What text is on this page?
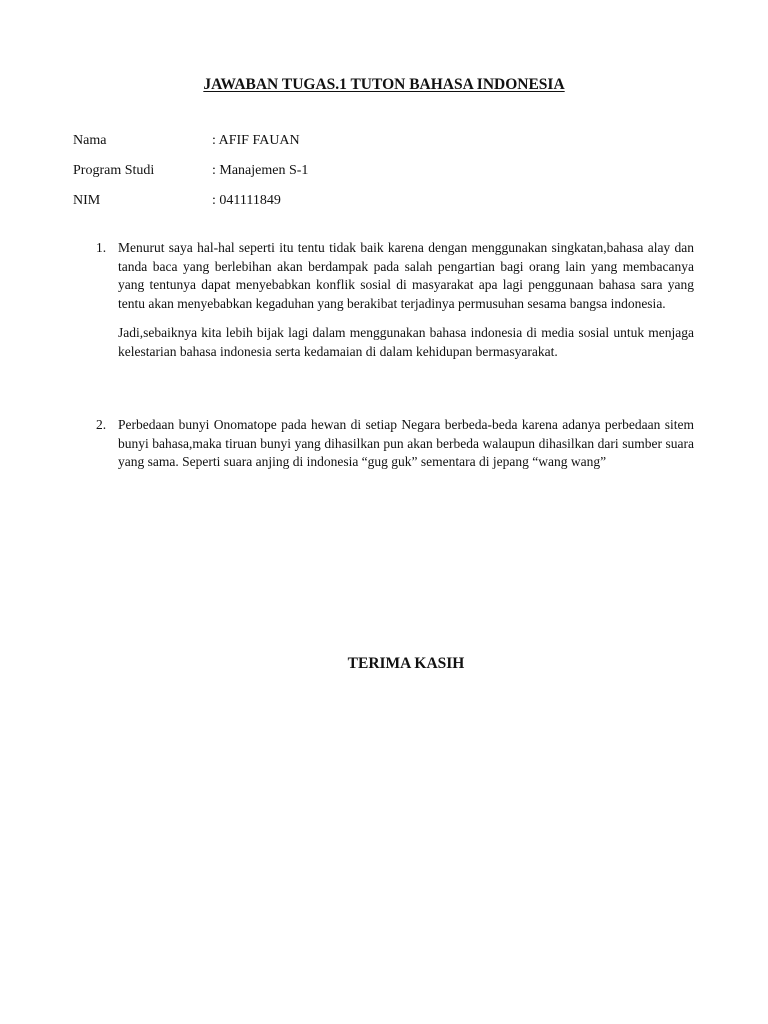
JAWABAN TUGAS.1 TUTON BAHASA INDONESIA
Nama	: AFIF FAUAN
Program Studi	: Manajemen S-1
NIM	: 041111849
1. Menurut saya hal-hal seperti itu tentu tidak baik karena dengan menggunakan singkatan,bahasa alay dan tanda baca yang berlebihan akan berdampak pada salah pengartian bagi orang lain yang membacanya yang tentunya dapat menyebabkan konflik sosial di masyarakat apa lagi penggunaan bahasa sara yang tentu akan menyebabkan kegaduhan yang berakibat terjadinya permusuhan sesama bangsa indonesia.

Jadi,sebaiknya kita lebih bijak lagi dalam menggunakan bahasa indonesia di media sosial untuk menjaga kelestarian bahasa indonesia serta kedamaian di dalam kehidupan bermasyarakat.

2. Perbedaan bunyi Onomatope pada hewan di setiap Negara berbeda-beda karena adanya perbedaan sitem bunyi bahasa,maka tiruan bunyi yang dihasilkan pun akan berbeda walaupun dihasilkan dari sumber suara yang sama. Seperti suara anjing di indonesia “gug guk” sementara di jepang “wang wang”

TERIMA KASIH
